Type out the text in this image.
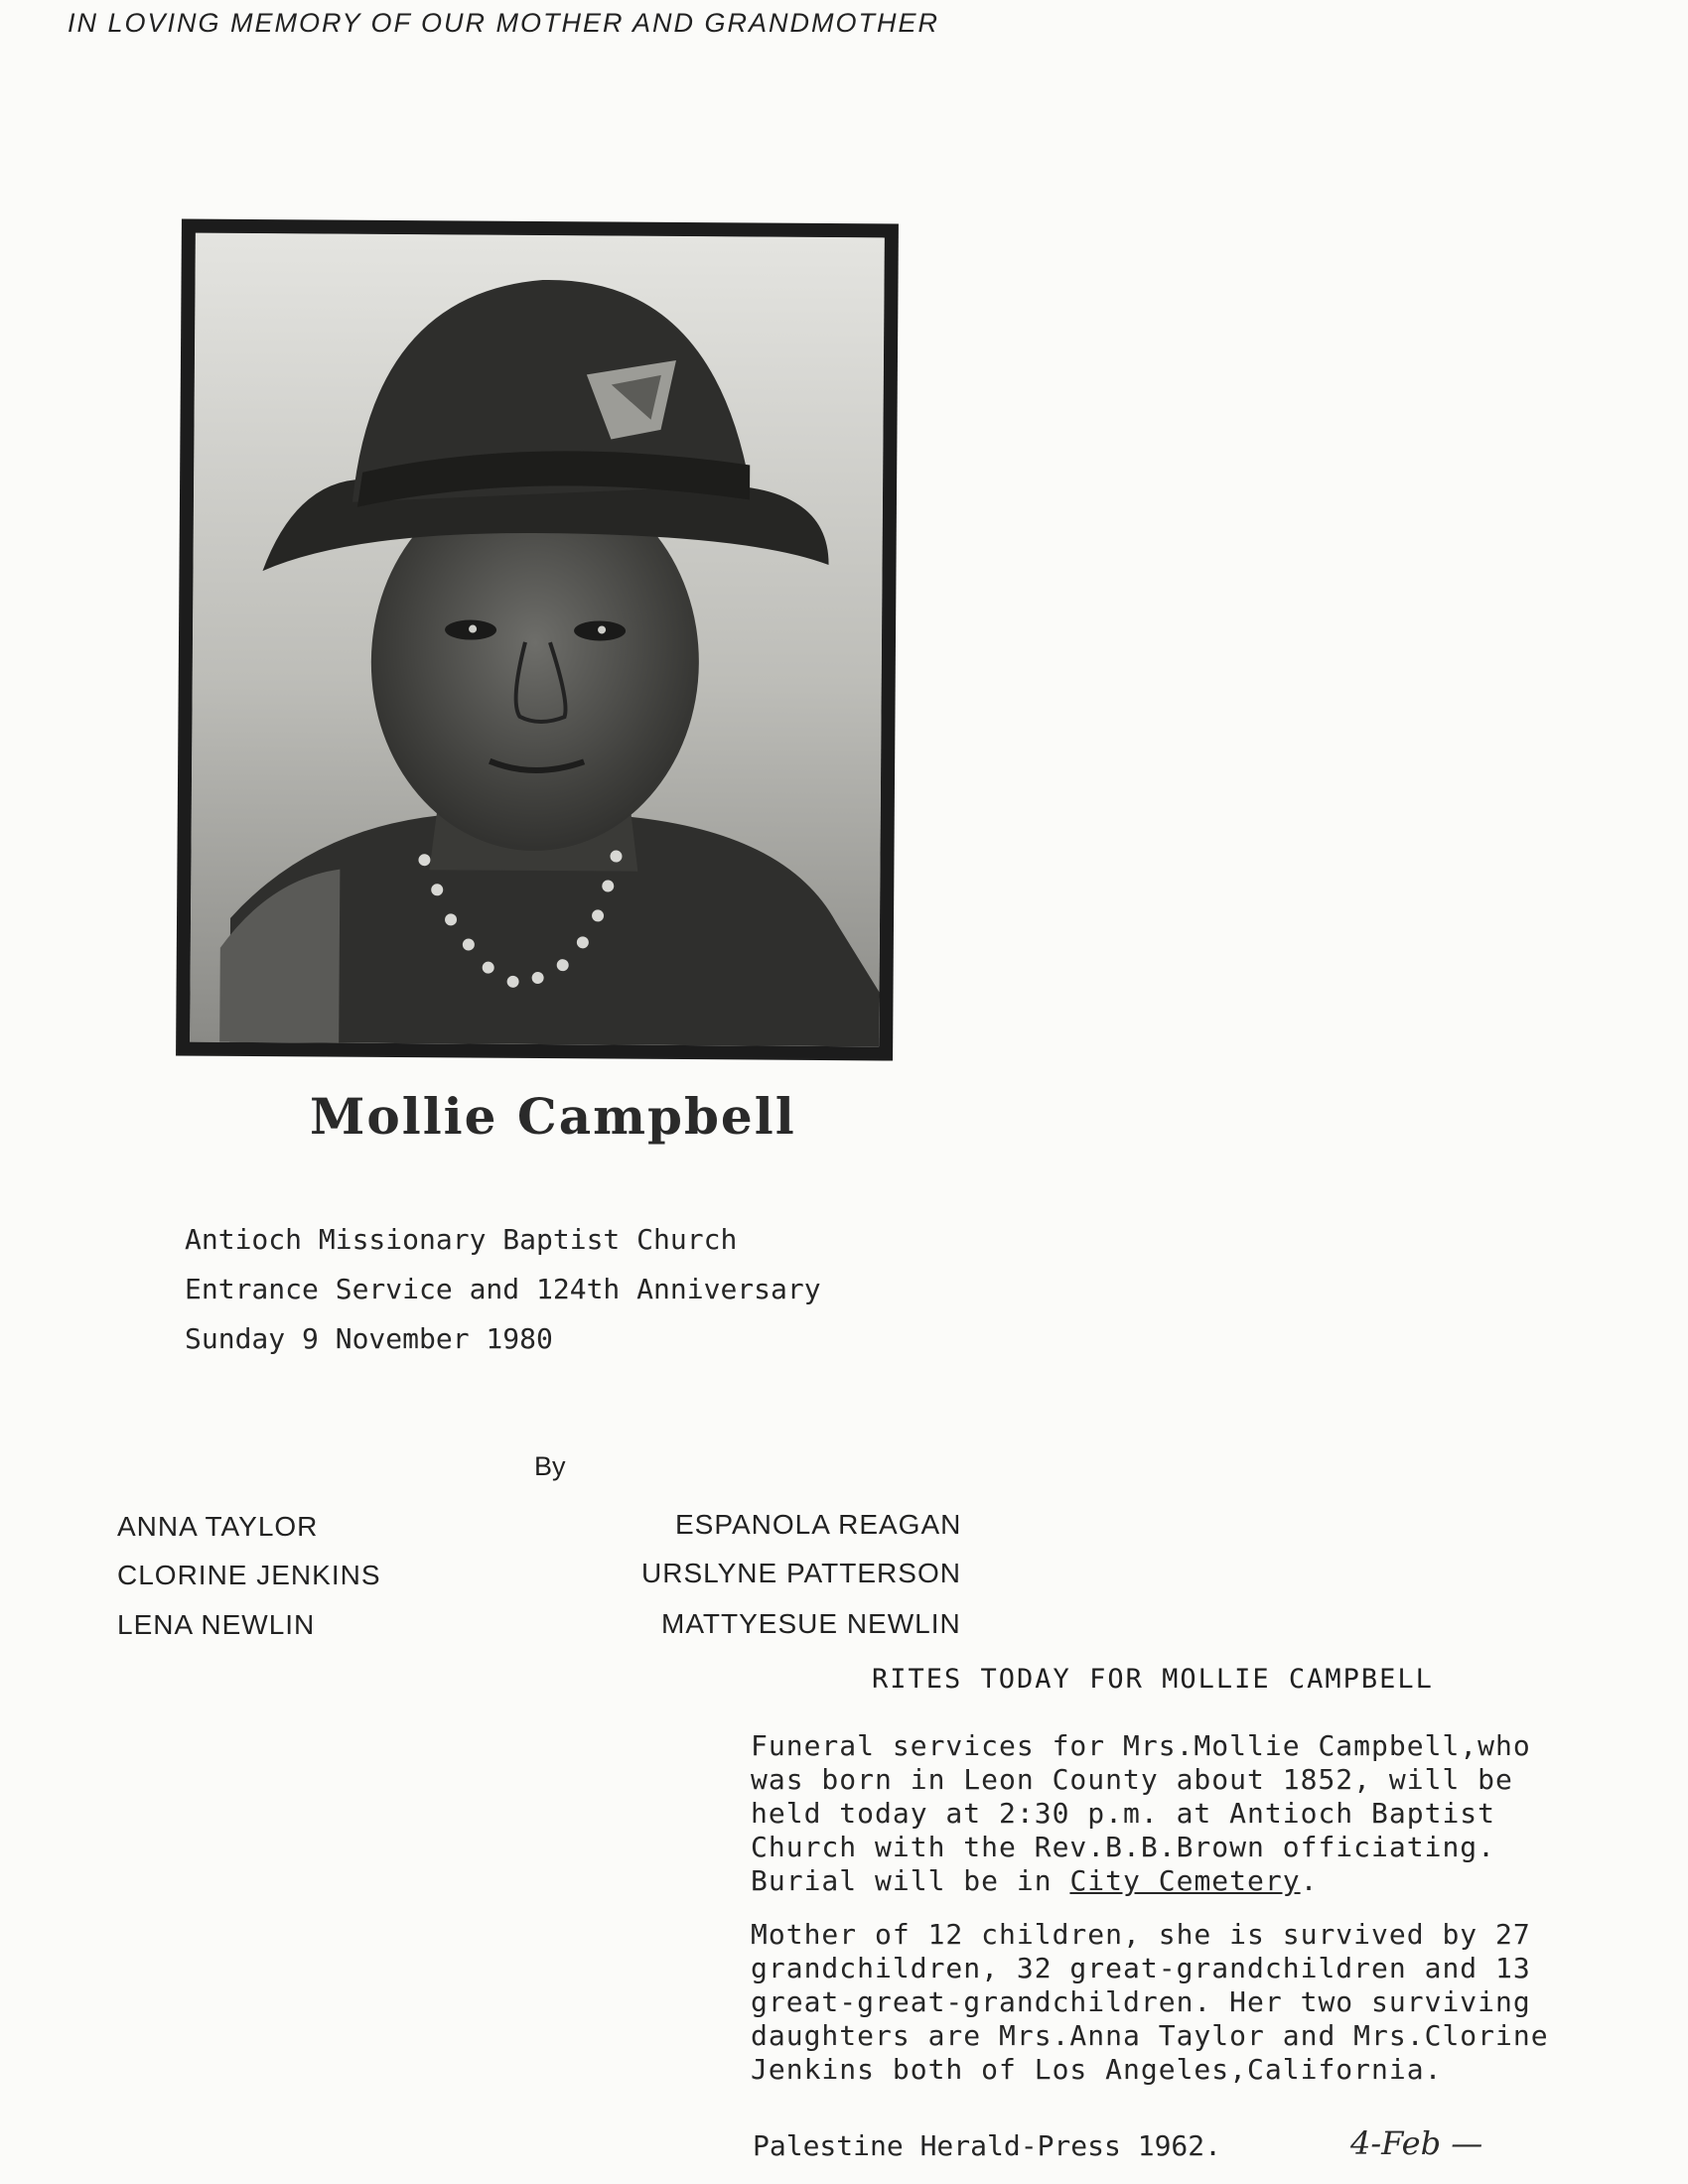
IN LOVING MEMORY OF OUR MOTHER AND GRANDMOTHER
Mollie Campbell
Antioch Missionary Baptist Church
Entrance Service and 124th Anniversary
Sunday 9 November 1980
By
ANNA TAYLOR
CLORINE JENKINS
LENA NEWLIN
ESPANOLA REAGAN
URSLYNE PATTERSON
MATTYESUE NEWLIN
RITES TODAY FOR MOLLIE CAMPBELL
Funeral services for Mrs.Mollie Campbell,who
was born in Leon County about 1852, will be
held today at 2:30 p.m. at Antioch Baptist
Church with the Rev.B.B.Brown officiating.
Burial will be in City Cemetery.
Mother of 12 children, she is survived by 27
grandchildren, 32 great-grandchildren and 13
great-great-grandchildren. Her two surviving
daughters are Mrs.Anna Taylor and Mrs.Clorine
Jenkins both of Los Angeles,California.
Palestine Herald-Press 1962.	4-Feb —
